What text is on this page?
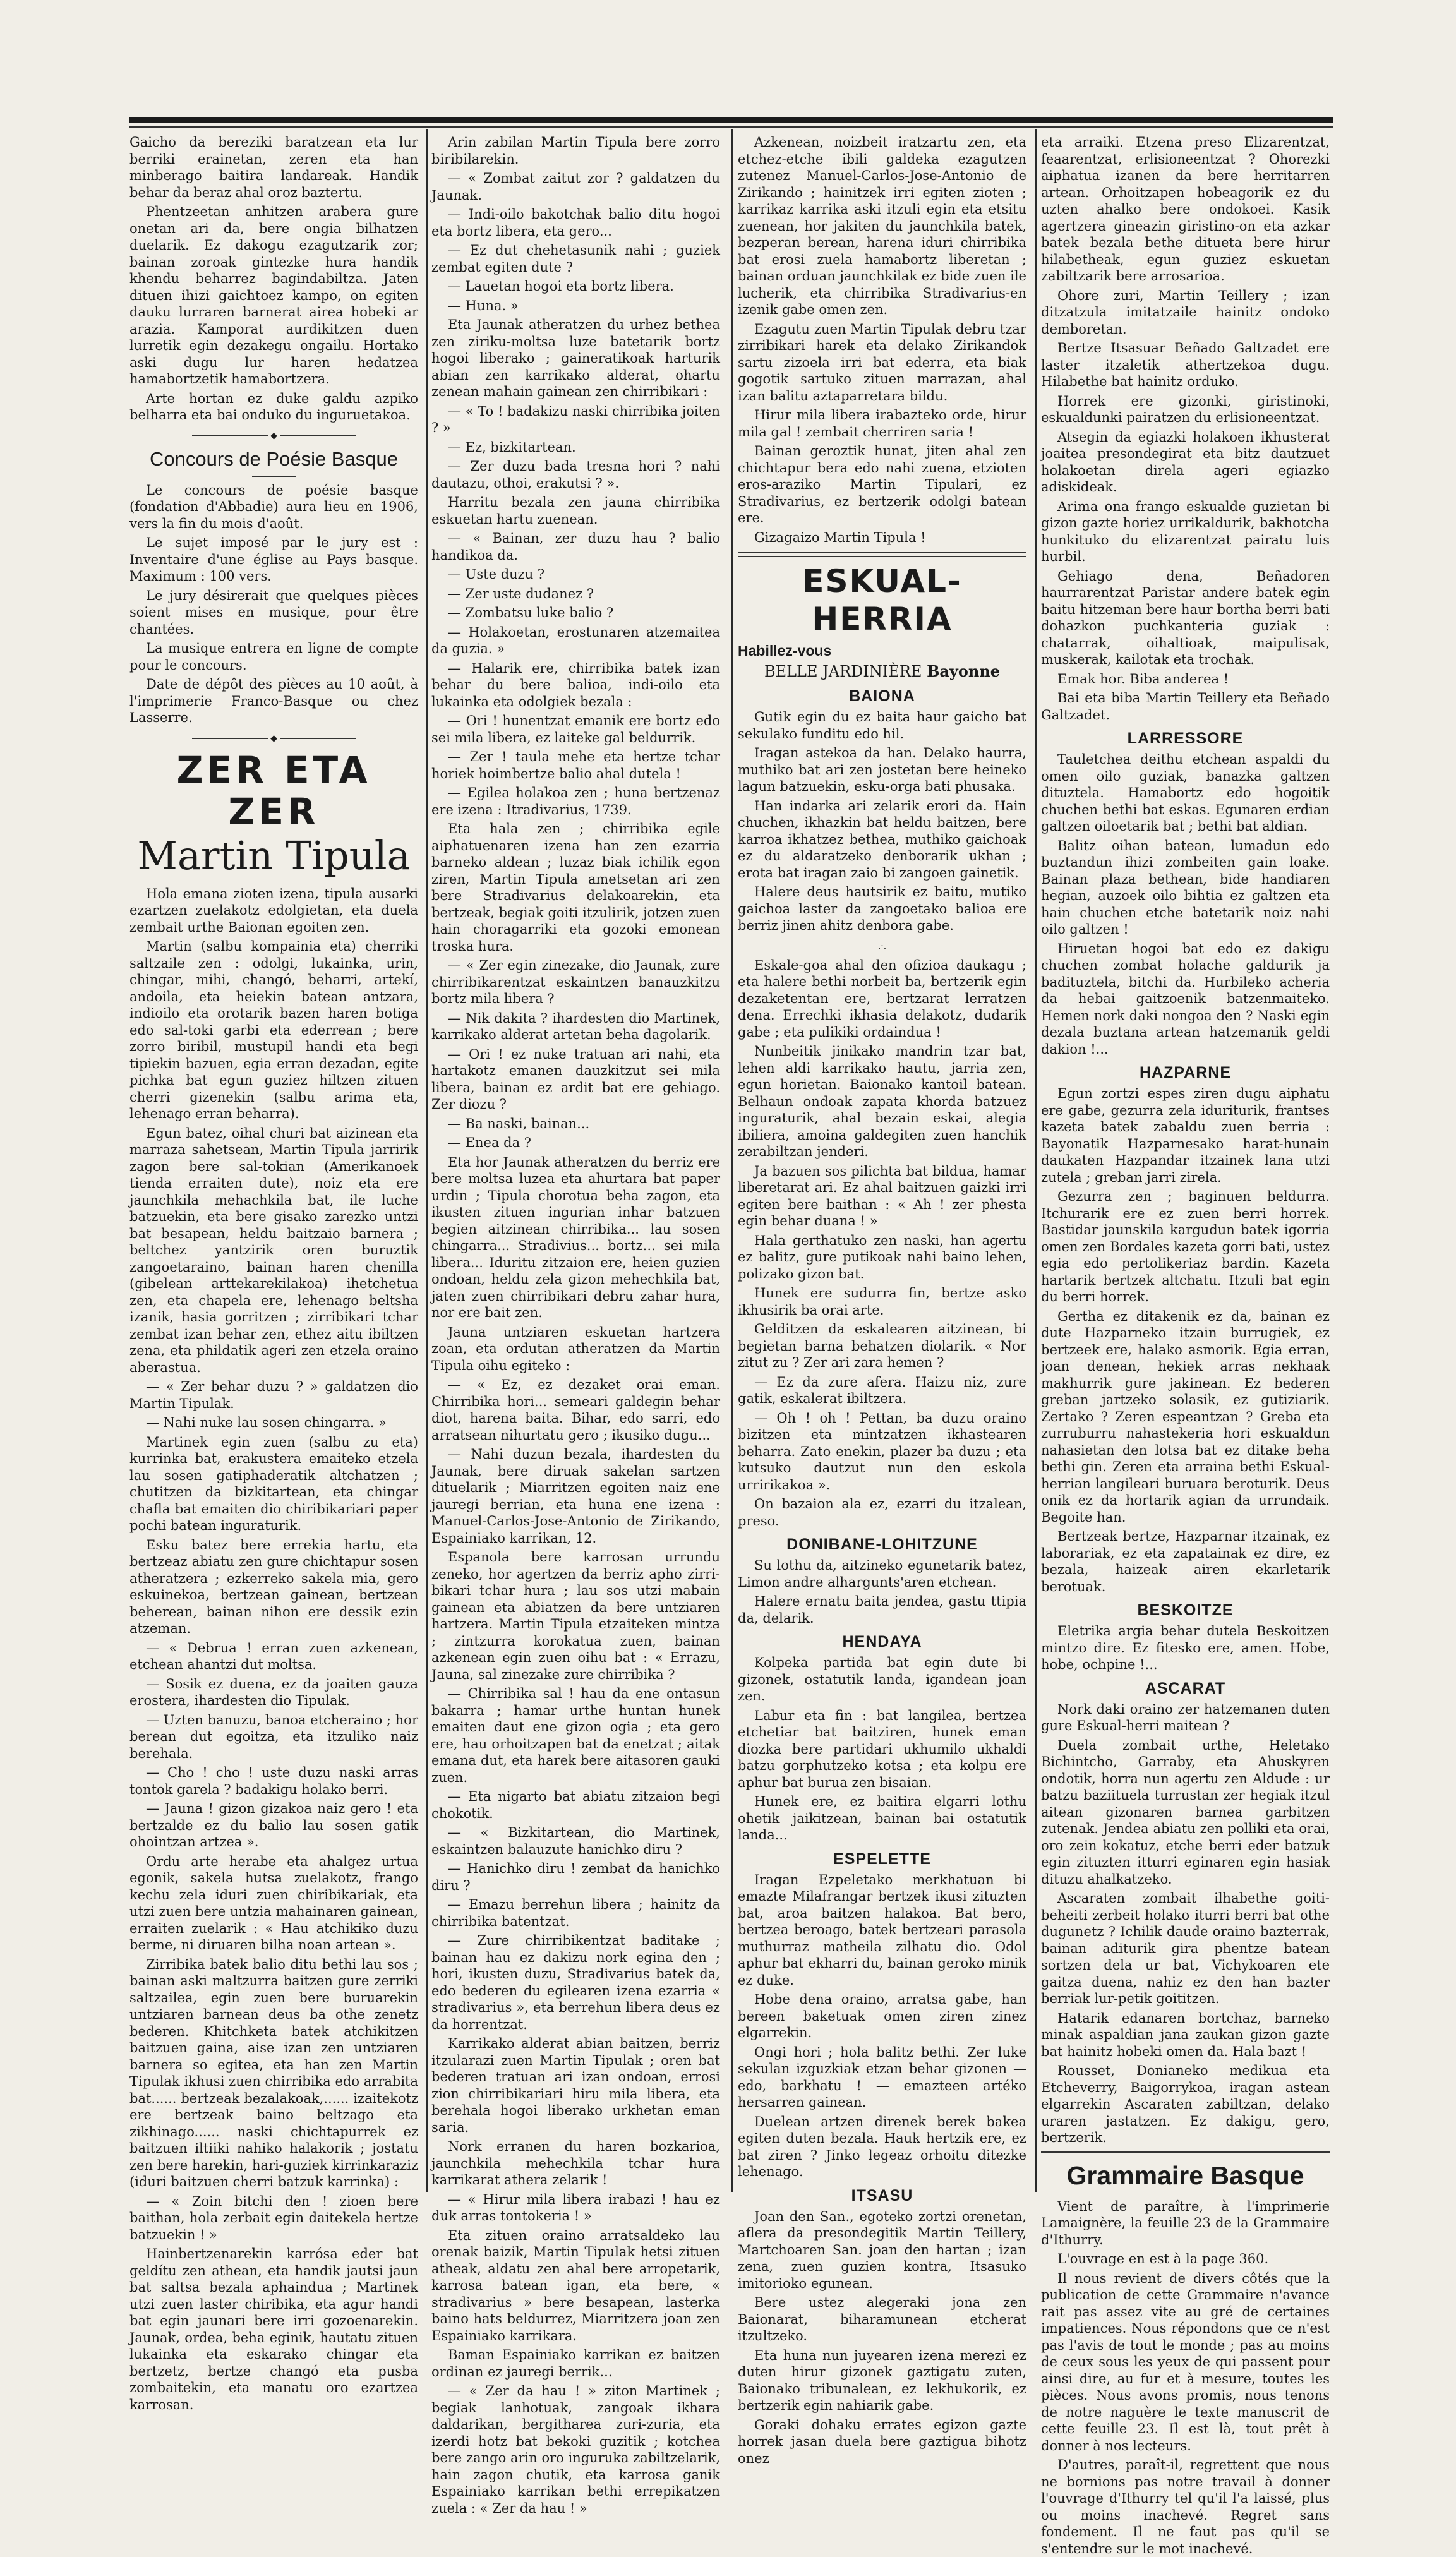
Gaicho da bereziki baratzean eta lur berriki erainetan, zeren eta han minberago baitira landareak. Handik behar da beraz ahal oroz baztertu.

Phentzeetan anhitzen arabera gure onetan ari da, bere ongia bilhatzen duelarik. Ez dakogu ezagutzarik zor; bainan zoroak gintezke hura handik khendu beharrez bagindabiltza. Jaten dituen ihizi gaichtoez kampo, on egiten dauku lurraren barnerat airea hobeki ar arazia. Kamporat aurdikitzen duen lurretik egin dezakegu ongailu. Hortako aski dugu lur haren hedatzea hamabortzetik hamabortzera.

Arte hortan ez duke galdu azpiko belharra eta bai onduko du inguruetakoa.

◆
Concours de Poésie Basque

Le concours de poésie basque (fondation d'Abbadie) aura lieu en 1906, vers la fin du mois d'août.

Le sujet imposé par le jury est : Inventaire d'une église au Pays basque. Maximum : 100 vers.

Le jury désirerait que quelques pièces soient mises en musique, pour être chantées.

La musique entrera en ligne de compte pour le concours.

Date de dépôt des pièces au 10 août, à l'imprimerie Franco-Basque ou chez Lasserre.

◆
ZER ETA ZER
Martin Tipula

Hola emana zioten izena, tipula ausarki ezartzen zuelakotz edolgietan, eta duela zembait urthe Baionan egoiten zen.

Martin (salbu kompainia eta) cherriki saltzaile zen : odolgi, lukainka, urin, chingar, mihi, changó, beharri, artekí, andoila, eta heiekin batean antzara, indioilo eta orotarik bazen haren botiga edo sal-toki garbi eta ederrean ; bere zorro biribil, mustupil handi eta begi tipiekin bazuen, egia erran dezadan, egite pichka bat egun guziez hiltzen zituen cherri gizenekin (salbu arima eta, lehenago erran beharra).

Egun batez, oihal churi bat aizinean eta marraza sahetsean, Martin Tipula jarririk zagon bere sal-tokian (Amerikanoek tienda erraiten dute), noiz eta ere jaunchkila mehachkila bat, ile luche batzuekin, eta bere gisako zarezko untzi bat besapean, heldu baitzaio barnera ; beltchez yantzirik oren buruztik zangoetaraino, bainan haren chenilla (gibelean arttekarekilakoa) ihetchetua zen, eta chapela ere, lehenago beltsha izanik, hasia gorritzen ; zirribikari tchar zembat izan behar zen, ethez aitu ibiltzen zena, eta phildatik ageri zen etzela oraino aberastua.

— « Zer behar duzu ? » galdatzen dio Martin Tipulak.

— Nahi nuke lau sosen chingarra. »

Martinek egin zuen (salbu zu eta) kurrinka bat, erakustera emaiteko etzela lau sosen gatiphaderatik altchatzen ; chutitzen da bizkitartean, eta chingar chafla bat emaiten dio chiribikariari paper pochi batean inguraturik.

Esku batez bere errekia hartu, eta bertzeaz abiatu zen gure chichtapur sosen atheratzera ; ezkerreko sakela mia, gero eskuinekoa, bertzean gainean, bertzean beherean, bainan nihon ere dessik ezin atzeman.

— « Debrua ! erran zuen azkenean, etchean ahantzi dut moltsa.

— Sosik ez duena, ez da joaiten gauza erostera, ihardesten dio Tipulak.

— Uzten banuzu, banoa etcheraino ; hor berean dut egoitza, eta itzuliko naiz berehala.

— Cho ! cho ! uste duzu naski arras tontok garela ? badakigu holako berri.

— Jauna ! gizon gizakoa naiz gero ! eta bertzalde ez du balio lau sosen gatik ohointzan artzea ».

Ordu arte herabe eta ahalgez urtua egonik, sakela hutsa zuelakotz, frango kechu zela iduri zuen chiribikariak, eta utzi zuen bere untzia mahainaren gainean, erraiten zuelarik : « Hau atchikiko duzu berme, ni diruaren bilha noan artean ».

Zirribika batek balio ditu bethi lau sos ; bainan aski maltzurra baitzen gure zerriki saltzailea, egin zuen bere buruarekin untziaren barnean deus ba othe zenetz bederen. Khitchketa batek atchikitzen baitzuen gaina, aise izan zen untziaren barnera so egitea, eta han zen Martin Tipulak ikhusi zuen chirribika edo arrabita bat...... bertzeak bezalakoak,...... izaitekotz ere bertzeak baino beltzago eta zikhinago...... naski chichtapurrek ez baitzuen iltiiki nahiko halakorik ; jostatu zen bere harekin, hari-guziek kirrinkaraziz (iduri baitzuen cherri batzuk karrinka) :

— « Zoin bitchi den ! zioen bere baithan, hola zerbait egin daitekela hertze batzuekin ! »

Hainbertzenarekin karrósa eder bat geldítu zen athean, eta handik jautsi jaun bat saltsa bezala aphaindua ; Martinek utzi zuen laster chiribika, eta agur handi bat egin jaunari bere irri gozoenarekin. Jaunak, ordea, beha eginik, hautatu zituen lukainka eta eskarako chingar eta bertzetz, bertze changó eta pusba zombaitekin, eta manatu oro ezartzea karrosan.

Arin zabilan Martin Tipula bere zorro biribilarekin.

— « Zombat zaitut zor ? galdatzen du Jaunak.

— Indi-oilo bakotchak balio ditu hogoi eta bortz libera, eta gero...

— Ez dut chehetasunik nahi ; guziek zembat egiten dute ?

— Lauetan hogoi eta bortz libera.

— Huna. »

Eta Jaunak atheratzen du urhez bethea zen ziriku-moltsa luze batetarik bortz hogoi liberako ; gaineratikoak harturik abian zen karrikako alderat, ohartu zenean mahain gainean zen chirribikari :

— « To ! badakizu naski chirribika joiten ? »

— Ez, bizkitartean.

— Zer duzu bada tresna hori ? nahi dautazu, othoi, erakutsi ? ».

Harritu bezala zen jauna chirribika eskuetan hartu zuenean.

— « Bainan, zer duzu hau ? balio handikoa da.

— Uste duzu ?

— Zer uste dudanez ?

— Zombatsu luke balio ?

— Holakoetan, erostunaren atzemaitea da guzia. »

— Halarik ere, chirribika batek izan behar du bere balioa, indi-oilo eta lukainka eta odolgiek bezala :

— Ori ! hunentzat emanik ere bortz edo sei mila libera, ez laiteke gal beldurrik.

— Zer ! taula mehe eta hertze tchar horiek hoimbertze balio ahal dutela !

— Egilea holakoa zen ; huna bertzenaz ere izena : Itradivarius, 1739.

Eta hala zen ; chirribika egile aiphatuenaren izena han zen ezarria barneko aldean ; luzaz biak ichilik egon ziren, Martin Tipula ametsetan ari zen bere Stradivarius delakoarekin, eta bertzeak, begiak goiti itzulirik, jotzen zuen hain choragarriki eta gozoki emonean troska hura.

— « Zer egin zinezake, dio Jaunak, zure chirribikarentzat eskaintzen banauzkitzu bortz mila libera ?

— Nik dakita ? ihardesten dio Martinek, karrikako alderat artetan beha dagolarik.

— Ori ! ez nuke tratuan ari nahi, eta hartakotz emanen dauzkitzut sei mila libera, bainan ez ardit bat ere gehiago. Zer diozu ?

— Ba naski, bainan...

— Enea da ?

Eta hor Jaunak atheratzen du berriz ere bere moltsa luzea eta ahurtara bat paper urdin ; Tipula chorotua beha zagon, eta ikusten zituen ingurian inhar batzuen begien aitzinean chirribika... lau sosen chingarra... Stradivius... bortz... sei mila libera... Iduritu zitzaion ere, heien guzien ondoan, heldu zela gizon mehechkila bat, jaten zuen chirribikari debru zahar hura, nor ere bait zen.

Jauna untziaren eskuetan hartzera zoan, eta ordutan atheratzen da Martin Tipula oihu egiteko :

— « Ez, ez dezaket orai eman. Chirribika hori... semeari galdegin behar diot, harena baita. Bihar, edo sarri, edo arratsean nihurtatu gero ; ikusiko dugu...

— Nahi duzun bezala, ihardesten du Jaunak, bere diruak sakelan sartzen dituelarik ; Miarritzen egoiten naiz ene jauregi berrian, eta huna ene izena : Manuel-Carlos-Jose-Antonio de Zirikando, Espainiako karrikan, 12.

Espanola bere karrosan urrundu zeneko, hor agertzen da berriz apho zirri-bikari tchar hura ; lau sos utzi mabain gainean eta abiatzen da bere untziaren hartzera. Martin Tipula etzaiteken mintza ; zintzurra korokatua zuen, bainan azkenean egin zuen oihu bat : « Errazu, Jauna, sal zinezake zure chirribika ?

— Chirribika sal ! hau da ene ontasun bakarra ; hamar urthe huntan hunek emaiten daut ene gizon ogia ; eta gero ere, hau orhoitzapen bat da enetzat ; aitak emana dut, eta harek bere aitasoren gauki zuen.

— Eta nigarto bat abiatu zitzaion begi chokotik.

— « Bizkitartean, dio Martinek, eskaintzen balauzute hanichko diru ?

— Hanichko diru ! zembat da hanichko diru ?

— Emazu berrehun libera ; hainitz da chirribika batentzat.

— Zure chirribikentzat baditake ; bainan hau ez dakizu nork egina den ; hori, ikusten duzu, Stradivarius batek da, edo bederen du egilearen izena ezarria « stradivarius », eta berrehun libera deus ez da horrentzat.

Karrikako alderat abian baitzen, berriz itzularazi zuen Martin Tipulak ; oren bat bederen tratuan ari izan ondoan, errosi zion chirribikariari hiru mila libera, eta berehala hogoi liberako urkhetan eman saria.

Nork erranen du haren bozkarioa, jaunchkila mehechkila tchar hura karrikarat athera zelarik !

— « Hirur mila libera irabazi ! hau ez duk arras tontokeria ! »

Eta zituen oraino arratsaldeko lau orenak baizik, Martin Tipulak hetsi zituen atheak, aldatu zen ahal bere arropetarik, karrosa batean igan, eta bere, « stradivarius » bere besapean, lasterka baino hats beldurrez, Miarritzera joan zen Espainiako karrikara.

Baman Espainiako karrikan ez baitzen ordinan ez jauregi berrik...

— « Zer da hau ! » ziton Martinek ; begiak lanhotuak, zangoak ikhara daldarikan, bergitharea zuri-zuria, eta izerdi hotz bat bekoki guzitik ; kotchea bere zango arin oro inguruka zabiltzelarik, hain zagon chutik, eta karrosa ganik Espainiako karrikan bethi errepikatzen zuela : « Zer da hau ! »

Azkenean, noizbeit iratzartu zen, eta etchez-etche ibili galdeka ezagutzen zutenez Manuel-Carlos-Jose-Antonio de Zirikando ; hainitzek irri egiten zioten ; karrikaz karrika aski itzuli egin eta etsitu zuenean, hor jakiten du jaunchkila batek, bezperan berean, harena iduri chirribika bat erosi zuela hamabortz liberetan ; bainan orduan jaunchkilak ez bide zuen ile lucherik, eta chirribika Stradivarius-en izenik gabe omen zen.

Ezagutu zuen Martin Tipulak debru tzar zirribikari harek eta delako Zirikandok sartu zizoela irri bat ederra, eta biak gogotik sartuko zituen marrazan, ahal izan balitu aztaparretara bildu.

Hirur mila libera irabazteko orde, hirur mila gal ! zembait cherriren saria !

Bainan geroztik hunat, jiten ahal zen chichtapur bera edo nahi zuena, etzioten eros-araziko Martin Tipulari, ez Stradivarius, ez bertzerik odolgi batean ere.

Gizagaizo Martin Tipula !

ESKUAL-HERRIA
Habillez-vous
BELLE JARDINIÈRE Bayonne
BAIONA

Gutik egin du ez baita haur gaicho bat sekulako funditu edo hil.

Iragan astekoa da han. Delako haurra, muthiko bat ari zen jostetan bere heineko lagun batzuekin, esku-orga bati phusaka.

Han indarka ari zelarik erori da. Hain chuchen, ikhazkin bat heldu baitzen, bere karroa ikhatzez bethea, muthiko gaichoak ez du aldaratzeko denborarik ukhan ; erota bat iragan zaio bi zangoen gainetik.

Halere deus hautsirik ez baitu, mutiko gaichoa laster da zangoetako balioa ere berriz jinen ahitz denbora gabe.

.·.

Eskale-goa ahal den ofizioa daukagu ; eta halere bethi norbeit ba, bertzerik egin dezaketentan ere, bertzarat lerratzen dena. Errechki ikhasia delakotz, dudarik gabe ; eta pulikiki ordaindua !

Nunbeitik jinikako mandrin tzar bat, lehen aldi karrikako hautu, jarria zen, egun horietan. Baionako kantoil batean. Belhaun ondoak zapata khorda batzuez inguraturik, ahal bezain eskai, alegia ibiliera, amoina galdegiten zuen hanchik zerabiltzan jenderi.

Ja bazuen sos pilichta bat bildua, hamar liberetarat ari. Ez ahal baitzuen gaizki irri egiten bere baithan : « Ah ! zer phesta egin behar duana ! »

Hala gerthatuko zen naski, han agertu ez balitz, gure putikoak nahi baino lehen, polizako gizon bat.

Hunek ere sudurra fin, bertze asko ikhusirik ba orai arte.

Gelditzen da eskalearen aitzinean, bi begietan barna behatzen diolarik. « Nor zitut zu ? Zer ari zara hemen ?

— Ez da zure afera. Haizu niz, zure gatik, eskalerat ibiltzera.

— Oh ! oh ! Pettan, ba duzu oraino bizitzen eta mintzatzen ikhastearen beharra. Zato enekin, plazer ba duzu ; eta kutsuko dautzut nun den eskola urririkakoa ».

On bazaion ala ez, ezarri du itzalean, preso.

DONIBANE-LOHITZUNE

Su lothu da, aitzineko egunetarik batez, Limon andre alhargunts'aren etchean.

Halere ernatu baita jendea, gastu ttipia da, delarik.

HENDAYA

Kolpeka partida bat egin dute bi gizonek, ostatutik landa, igandean joan zen.

Labur eta fin : bat langilea, bertzea etchetiar bat baitziren, hunek eman diozka bere partidari ukhumilo ukhaldi batzu gorphutzeko kotsa ; eta kolpu ere aphur bat burua zen bisaian.

Hunek ere, ez baitira elgarri lothu ohetik jaikitzean, bainan bai ostatutik landa...

ESPELETTE

Iragan Ezpeletako merkhatuan bi emazte Milafrangar bertzek ikusi zituzten bat, aroa baitzen halakoa. Bat bero, bertzea beroago, batek bertzeari parasola muthurraz matheila zilhatu dio. Odol aphur bat ekharri du, bainan geroko minik ez duke.

Hobe dena oraino, arratsa gabe, han bereen baketuak omen ziren zinez elgarrekin.

Ongi hori ; hola balitz bethi. Zer luke sekulan izguzkiak etzan behar gizonen — edo, barkhatu ! — emazteen artéko hersarren gainean.

Duelean artzen direnek berek bakea egiten duten bezala. Hauk hertzik ere, ez bat ziren ? Jinko legeaz orhoitu ditezke lehenago.

ITSASU

Joan den San., egoteko zortzi orenetan, aflera da presondegitik Martin Teillery, Martchoaren San. joan den hartan ; izan zena, zuen guzien kontra, Itsasuko imitorioko egunean.

Bere ustez alegeraki jona zen Baionarat, biharamunean etcherat itzultzeko.

Eta huna nun juyearen izena merezi ez duten hirur gizonek gaztigatu zuten, Baionako tribunalean, ez lekhukorik, ez bertzerik egin nahiarik gabe.

Goraki dohaku errates egizon gazte horrek jasan duela bere gaztigua bihotz onez

eta arraiki. Etzena preso Elizarentzat, feaarentzat, erlisioneentzat ? Ohorezki aiphatua izanen da bere herritarren artean. Orhoitzapen hobeagorik ez du uzten ahalko bere ondokoei. Kasik agertzera gineazin giristino-on eta azkar batek bezala bethe ditueta bere hirur hilabetheak, egun guziez eskuetan zabiltzarik bere arrosarioa.

Ohore zuri, Martin Teillery ; izan ditzatzula imitatzaile hainitz ondoko demboretan.

Bertze Itsasuar Beñado Galtzadet ere laster itzaletik athertzekoa dugu. Hilabethe bat hainitz orduko.

Horrek ere gizonki, giristinoki, eskualdunki pairatzen du erlisioneentzat.

Atsegin da egiazki holakoen ikhusterat joaitea presondegirat eta bitz dautzuet holakoetan direla ageri egiazko adiskideak.

Arima ona frango eskualde guzietan bi gizon gazte horiez urrikaldurik, bakhotcha hunkituko du elizarentzat pairatu luis hurbil.

Gehiago dena, Beñadoren haurrarentzat Paristar andere batek egin baitu hitzeman bere haur bortha berri bati dohazkon puchkanteria guziak : chatarrak, oihaltioak, maipulisak, muskerak, kailotak eta trochak.

Emak hor. Biba anderea !

Bai eta biba Martin Teillery eta Beñado Galtzadet.

LARRESSORE

Tauletchea deithu etchean aspaldi du omen oilo guziak, banazka galtzen dituztela. Hamabortz edo hogoitik chuchen bethi bat eskas. Egunaren erdian galtzen oiloetarik bat ; bethi bat aldian.

Balitz oihan batean, lumadun edo buztandun ihizi zombeiten gain loake. Bainan plaza bethean, bide handiaren hegian, auzoek oilo bihtia ez galtzen eta hain chuchen etche batetarik noiz nahi oilo galtzen !

Hiruetan hogoi bat edo ez dakigu chuchen zombat holache galdurik ja badituztela, bitchi da. Hurbileko acheria da hebai gaitzoenik batzenmaiteko. Hemen nork daki nongoa den ? Naski egin dezala buztana artean hatzemanik geldi dakion !...

HAZPARNE

Egun zortzi espes ziren dugu aiphatu ere gabe, gezurra zela iduriturik, frantses kazeta batek zabaldu zuen berria : Bayonatik Hazparnesako harat-hunain daukaten Hazpandar itzainek lana utzi zutela ; greban jarri zirela.

Gezurra zen ; baginuen beldurra. Itchurarik ere ez zuen berri horrek. Bastidar jaunskila kargudun batek igorria omen zen Bordales kazeta gorri bati, ustez egia edo pertolikeriaz bardin. Kazeta hartarik bertzek altchatu. Itzuli bat egin du berri horrek.

Gertha ez ditakenik ez da, bainan ez dute Hazparneko itzain burrugiek, ez bertzeek ere, halako asmorik. Egia erran, joan denean, hekiek arras nekhaak makhurrik gure jakinean. Ez bederen greban jartzeko solasik, ez gutiziarik. Zertako ? Zeren espeantzan ? Greba eta zurruburru nahastekeria hori eskualdun nahasietan den lotsa bat ez ditake beha bethi gin. Zeren eta arraina bethi Eskual-herrian langileari buruara beroturik. Deus onik ez da hortarik agian da urrundaik. Begoite han.

Bertzeak bertze, Hazparnar itzainak, ez laborariak, ez eta zapatainak ez dire, ez bezala, haizeak airen ekarletarik berotuak.

BESKOITZE

Eletrika argia behar dutela Beskoitzen mintzo dire. Ez fitesko ere, amen. Hobe, hobe, ochpine !...

ASCARAT

Nork daki oraino zer hatzemanen duten gure Eskual-herri maitean ?

Duela zombait urthe, Heletako Bichintcho, Garraby, eta Ahuskyren ondotik, horra nun agertu zen Aldude : ur batzu baziituela turrustan zer hegiak itzul aitean gizonaren barnea garbitzen zutenak. Jendea abiatu zen polliki eta orai, oro zein kokatuz, etche berri eder batzuk egin zituzten itturri eginaren egin hasiak dituzu ahalkatzeko.

Ascaraten zombait ilhabethe goiti-beheiti zerbeit holako iturri berri bat othe dugunetz ? Ichilik daude oraino bazterrak, bainan aditurik gira phentze batean sortzen dela ur bat, Vichykoaren ete gaitza duena, nahiz ez den han bazter berriak lur-petik goititzen.

Hatarik edanaren bortchaz, barneko minak aspaldian jana zaukan gizon gazte bat hainitz hobeki omen da. Hala bazt !

Rousset, Donianeko medikua eta Etcheverry, Baigorrykoa, iragan astean elgarrekin Ascaraten zabiltzan, delako uraren jastatzen. Ez dakigu, gero, bertzerik.

Grammaire Basque

Vient de paraître, à l'imprimerie Lamaignère, la feuille 23 de la Grammaire d'Ithurry.

L'ouvrage en est à la page 360.

Il nous revient de divers côtés que la publication de cette Grammaire n'avance rait pas assez vite au gré de certaines impatiences. Nous répondons que ce n'est pas l'avis de tout le monde ; pas au moins de ceux sous les yeux de qui passent pour ainsi dire, au fur et à mesure, toutes les pièces. Nous avons promis, nous tenons de notre naguère le texte manuscrit de cette feuille 23. Il est là, tout prêt à donner à nos lecteurs.

D'autres, paraît-il, regrettent que nous ne bornions pas notre travail à donner l'ouvrage d'Ithurry tel qu'il l'a laissé, plus ou moins inachevé. Regret sans fondement. Il ne faut pas qu'il se s'entendre sur le mot inachevé.
